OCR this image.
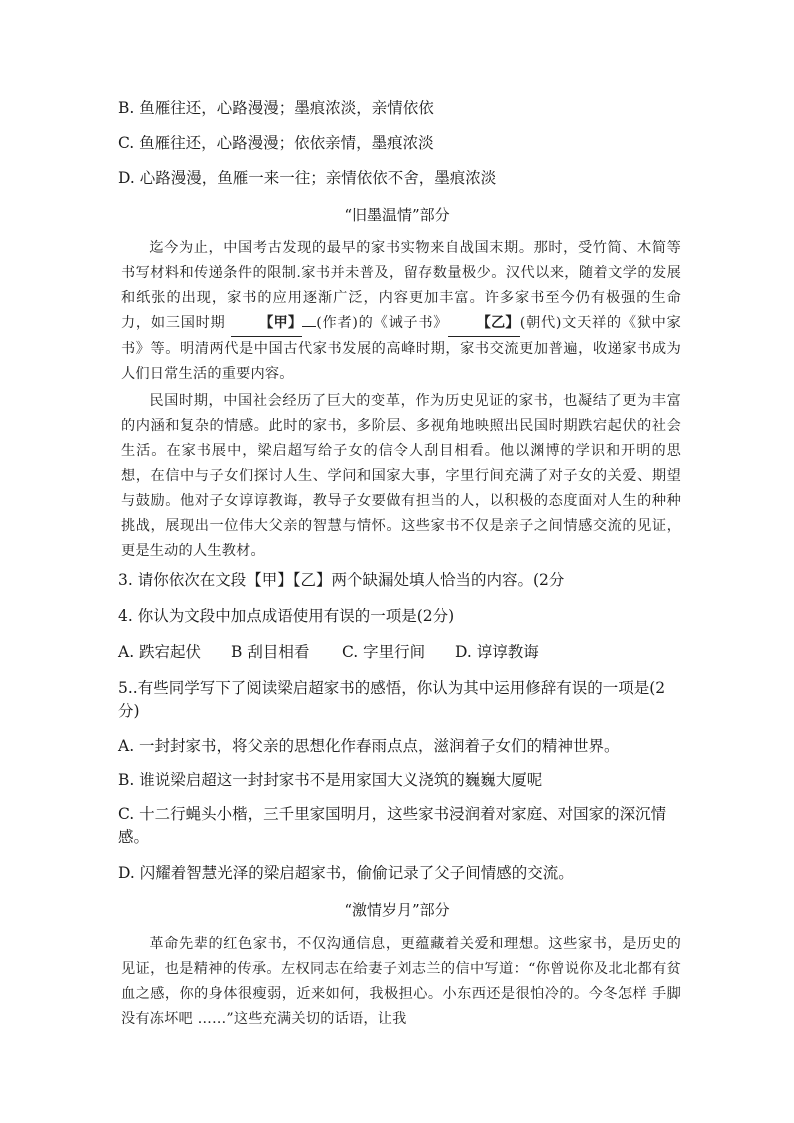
B. 鱼雁往还，心路漫漫；墨痕浓淡，亲情依依
C. 鱼雁往还，心路漫漫；依依亲情，墨痕浓淡
D. 心路漫漫，鱼雁一来一往；亲情依依不舍，墨痕浓淡
“旧墨温情”部分

迄今为止，中国考古发现的最早的家书实物来自战国末期。那时，受竹简、木简等书写材料和传递条件的限制.家书并未普及，留存数量极少。汉代以来，随着文学的发展和纸张的出现，家书的应用逐渐广泛，内容更加丰富。许多家书至今仍有极强的生命力，如三国时期 【甲】 (作者)的《诫子书》 【乙】(朝代)文天祥的《狱中家书》等。明清两代是中国古代家书发展的高峰时期，家书交流更加普遍，收递家书成为人们日常生活的重要内容。

民国时期，中国社会经历了巨大的变革，作为历史见证的家书，也凝结了更为丰富的内涵和复杂的情感。此时的家书，多阶层、多视角地映照出民国时期跌宕起伏的社会生活。在家书展中，梁启超写给子女的信令人刮目相看。他以渊博的学识和开明的思想，在信中与子女们探讨人生、学问和国家大事，字里行间充满了对子女的关爱、期望与鼓励。他对子女谆谆教诲，教导子女要做有担当的人，以积极的态度面对人生的种种挑战，展现出一位伟大父亲的智慧与情怀。这些家书不仅是亲子之间情感交流的见证，更是生动的人生教材。

3. 请你依次在文段【甲】【乙】两个缺漏处填人恰当的内容。(2分
4. 你认为文段中加点成语使用有误的一项是(2分)
A. 跌宕起伏 B 刮目相看 C. 字里行间 D. 谆谆教诲
5..有些同学写下了阅读梁启超家书的感悟，你认为其中运用修辞有误的一项是(2分)
A. 一封封家书，将父亲的思想化作春雨点点，滋润着子女们的精神世界。
B. 谁说梁启超这一封封家书不是用家国大义浇筑的巍巍大厦呢
C. 十二行蝇头小楷，三千里家国明月，这些家书浸润着对家庭、对国家的深沉情感。
D. 闪耀着智慧光泽的梁启超家书，偷偷记录了父子间情感的交流。
“激情岁月”部分

革命先辈的红色家书，不仅沟通信息，更蕴藏着关爱和理想。这些家书，是历史的见证，也是精神的传承。左权同志在给妻子刘志兰的信中写道：“你曾说你及北北都有贫血之感，你的身体很瘦弱，近来如何，我极担心。小东西还是很怕冷的。今冬怎样 手脚没有冻坏吧 ……”这些充满关切的话语，让我
